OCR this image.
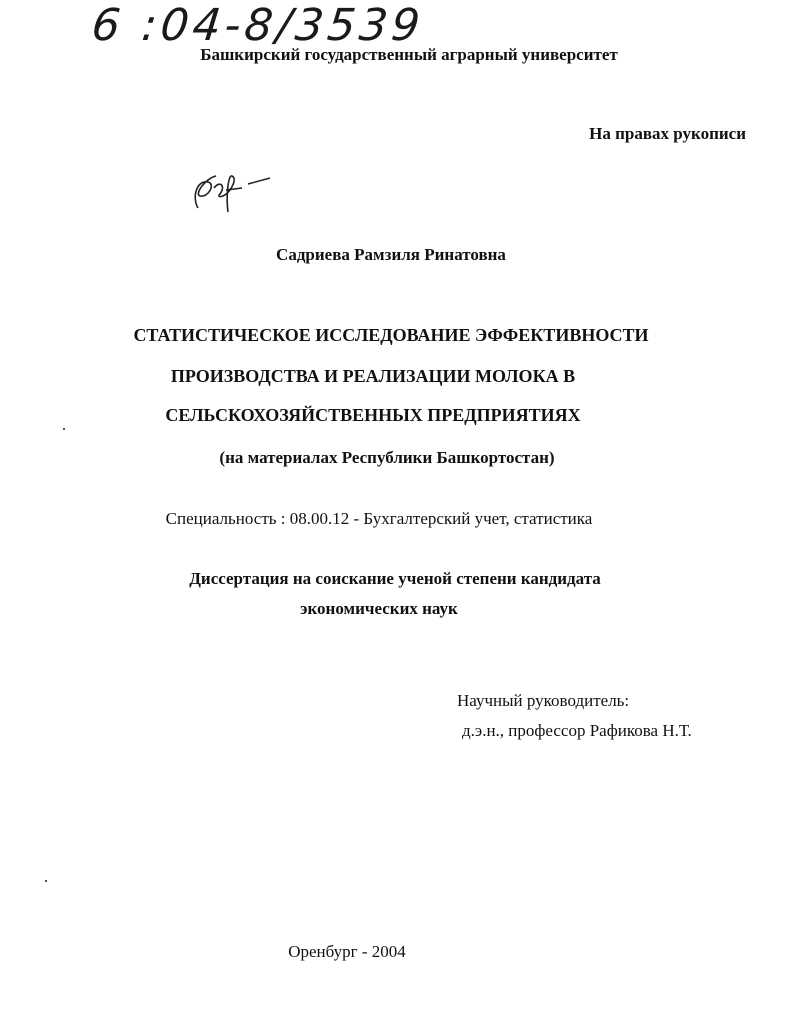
6 :04-8/3539
Башкирский государственный аграрный университет
На правах рукописи
Садриева Рамзиля Ринатовна
СТАТИСТИЧЕСКОЕ ИССЛЕДОВАНИЕ ЭФФЕКТИВНОСТИ
ПРОИЗВОДСТВА И РЕАЛИЗАЦИИ МОЛОКА В
СЕЛЬСКОХОЗЯЙСТВЕННЫХ ПРЕДПРИЯТИЯХ
(на материалах Республики Башкортостан)
Специальность : 08.00.12 - Бухгалтерский учет, статистика
Диссертация на соискание ученой степени кандидата
экономических наук
Научный руководитель:
д.э.н., профессор Рафикова Н.Т.
Оренбург - 2004
